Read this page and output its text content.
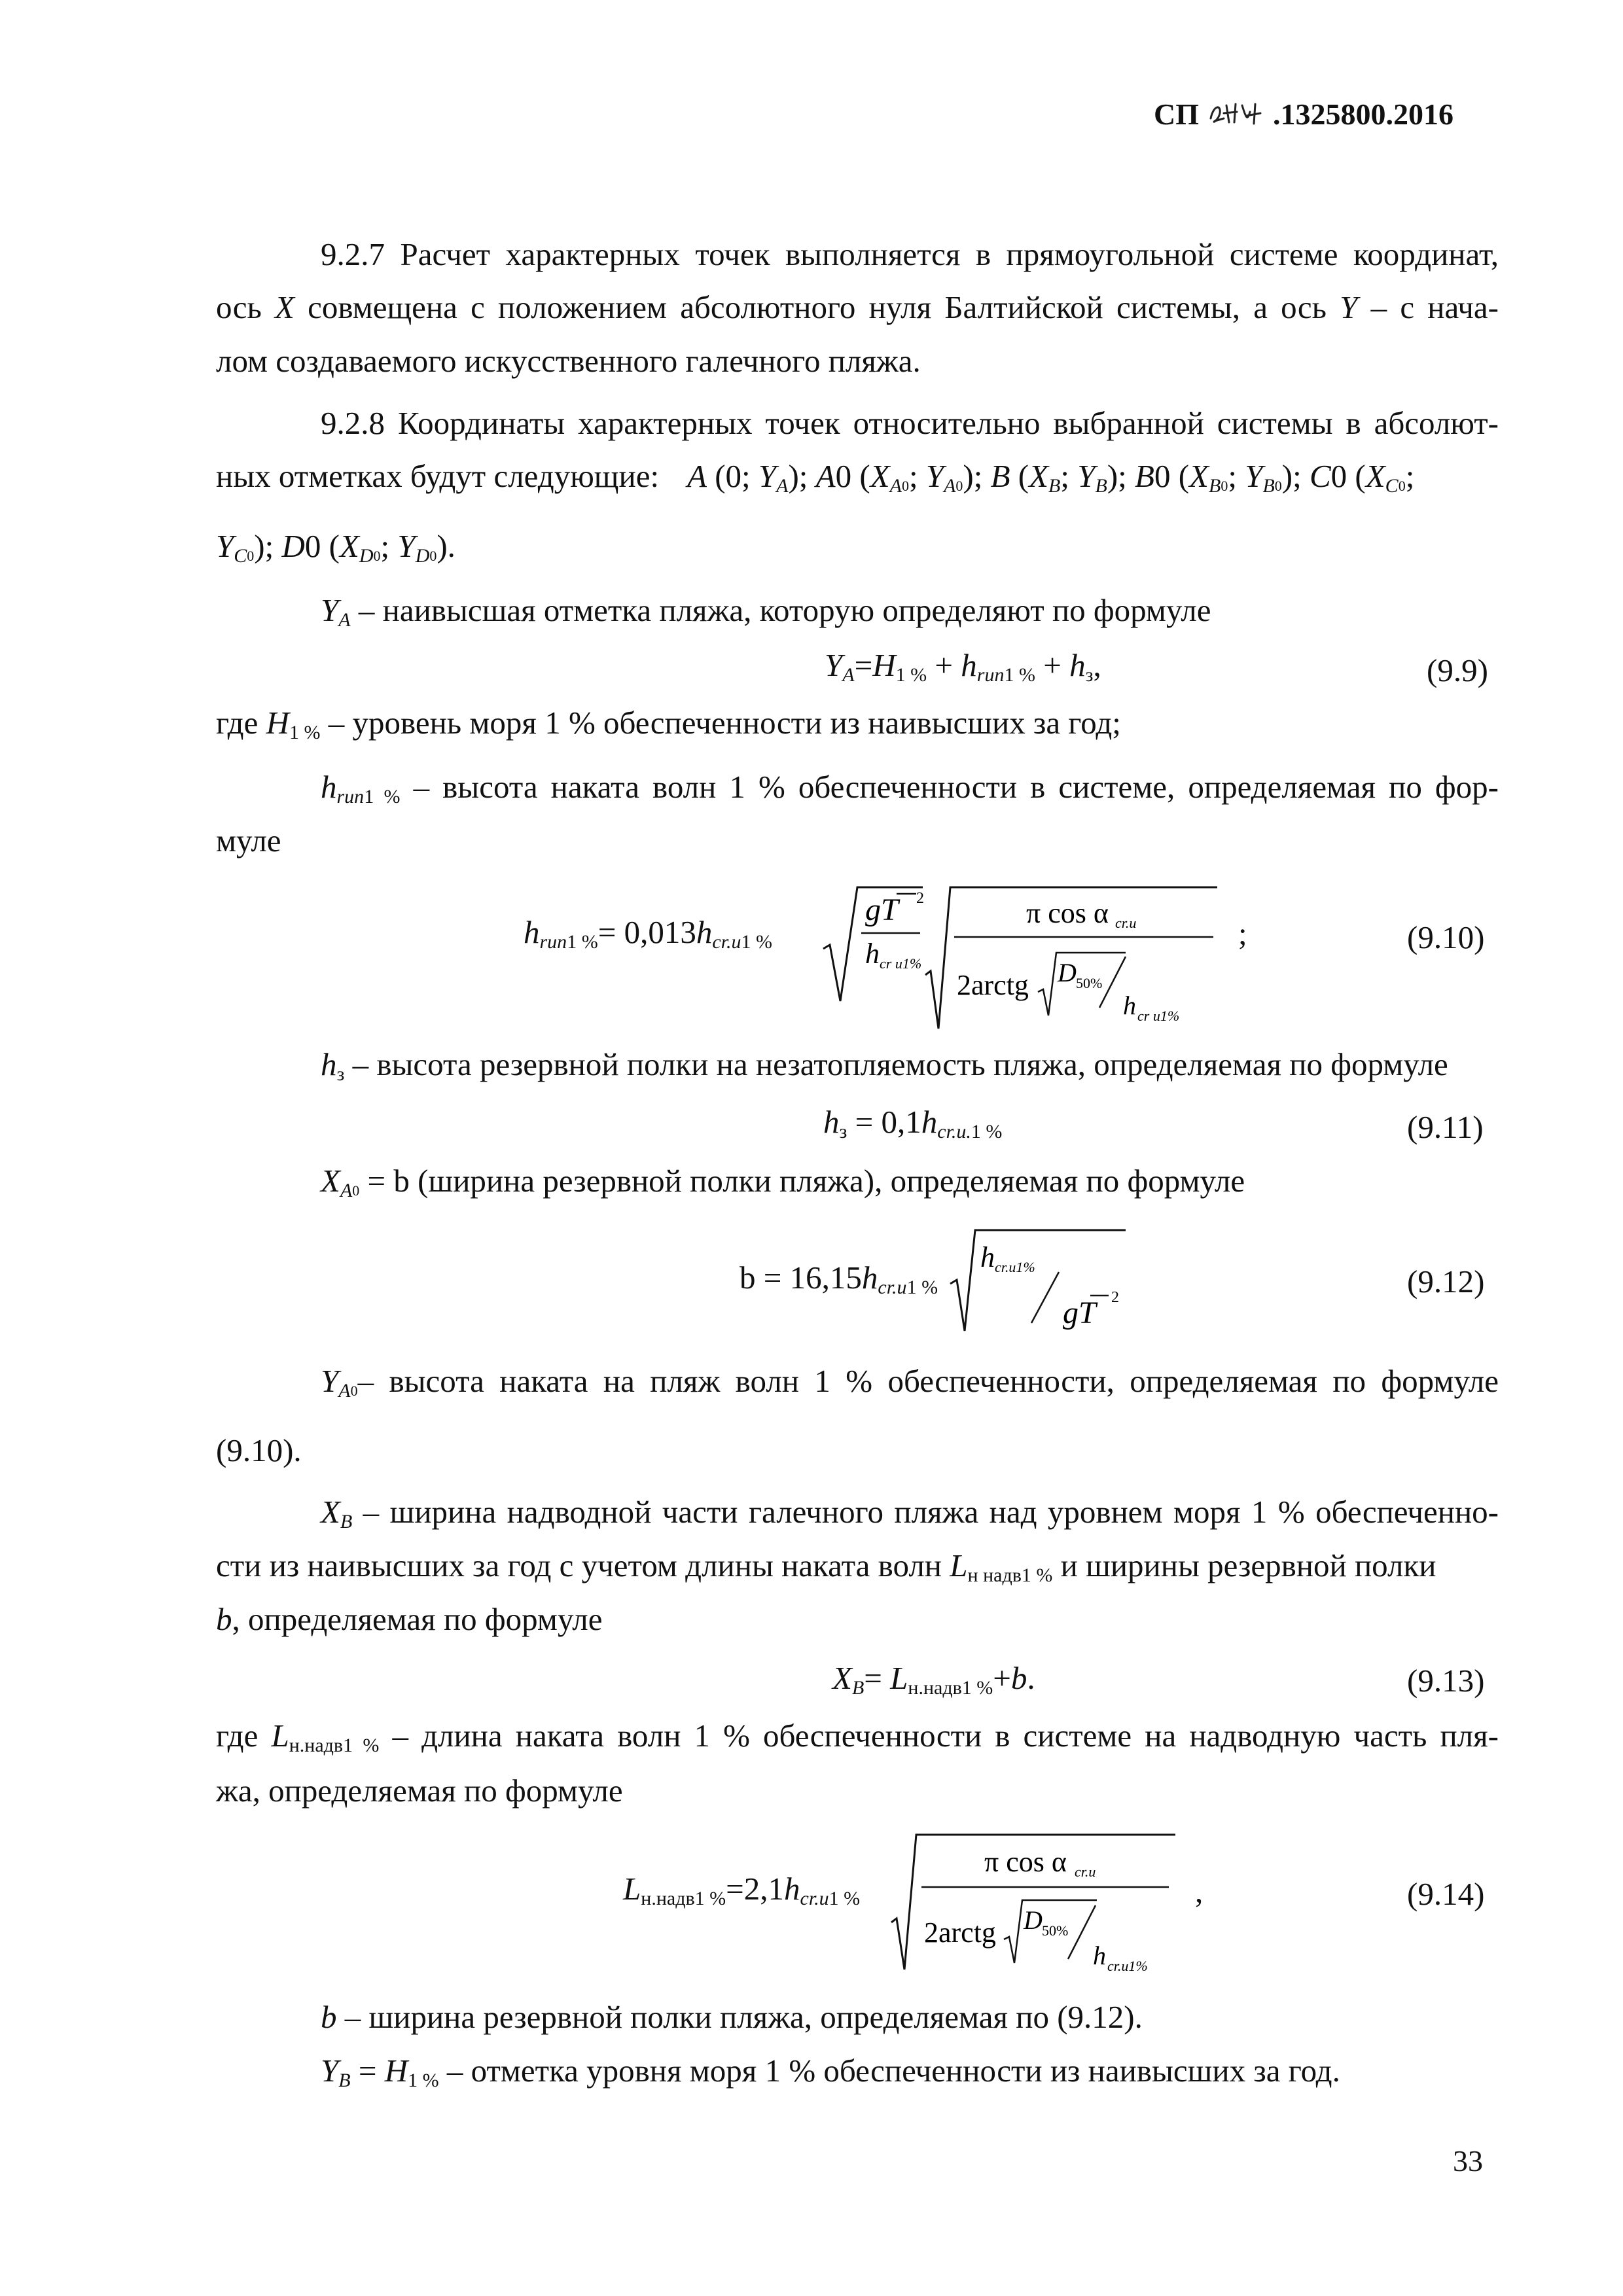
СП .1325800.2016
9.2.7 Расчет характерных точек выполняется в прямоугольной системе координат,
ось X совмещена с положением абсолютного нуля Балтийской системы, а ось Y – с нача-
лом создаваемого искусственного галечного пляжа.
9.2.8 Координаты характерных точек относительно выбранной системы в абсолют-
ных отметках будут следующие: A (0; $Y_A$); A0 ($X_{A0}$; $Y_{A0}$); B ($X_B$; $Y_B$); B0 ($X_{B0}$; $Y_{B0}$); C0 ($X_{C0}$;
$Y_{C0}$); D0 ($X_{D0}$; $Y_{D0}$).
$Y_A$ – наивысшая отметка пляжа, которую определяют по формуле
$Y_A=H_{1 \%} + h_{run1 \%} + h_з$,	(9.9)
где $H_{1 \%}$ – уровень моря 1 % обеспеченности из наивысших за год;
$h_{run1 \%}$ – высота наката волн 1 % обеспеченности в системе, определяемая по фор-
муле
$h_{run1 \%}= 0,013h_{cr.u1 \%}$
gT 2
h cr u1%
π cos α cr.u
2arctg D 50%
h cr u1%
;	(9.10)
$h_з$ – высота резервной полки на незатопляемость пляжа, определяемая по формуле
$h_з = 0,1h_{cr.u.1 \%}$	(9.11)
$X_{A0} = b$ (ширина резервной полки пляжа), определяемая по формуле
$b = 16,15h_{cr.u1 \%}$
h cr.u1%
gT 2	(9.12)
$Y_{A0}-$ высота наката на пляж волн 1 % обеспеченности, определяемая по формуле
(9.10).
$X_B$ – ширина надводной части галечного пляжа над уровнем моря 1 % обеспеченно-
сти из наивысших за год с учетом длины наката волн $L_{н надв1 \%}$ и ширины резервной полки
b, определяемая по формуле
$X_B= L_{н.надв1 \%}+b$.	(9.13)
где $L_{н.надв1 \%}$ – длина наката волн 1 % обеспеченности в системе на надводную часть пля-
жа, определяемая по формуле
$L_{н.надв1 \%}=2,1h_{cr.u1 \%}$
π cos α cr.u
2arctg D 50%
h cr.u1%
,	(9.14)
b – ширина резервной полки пляжа, определяемая по (9.12).
$Y_B = H_{1 \%}$ – отметка уровня моря 1 % обеспеченности из наивысших за год.
33
